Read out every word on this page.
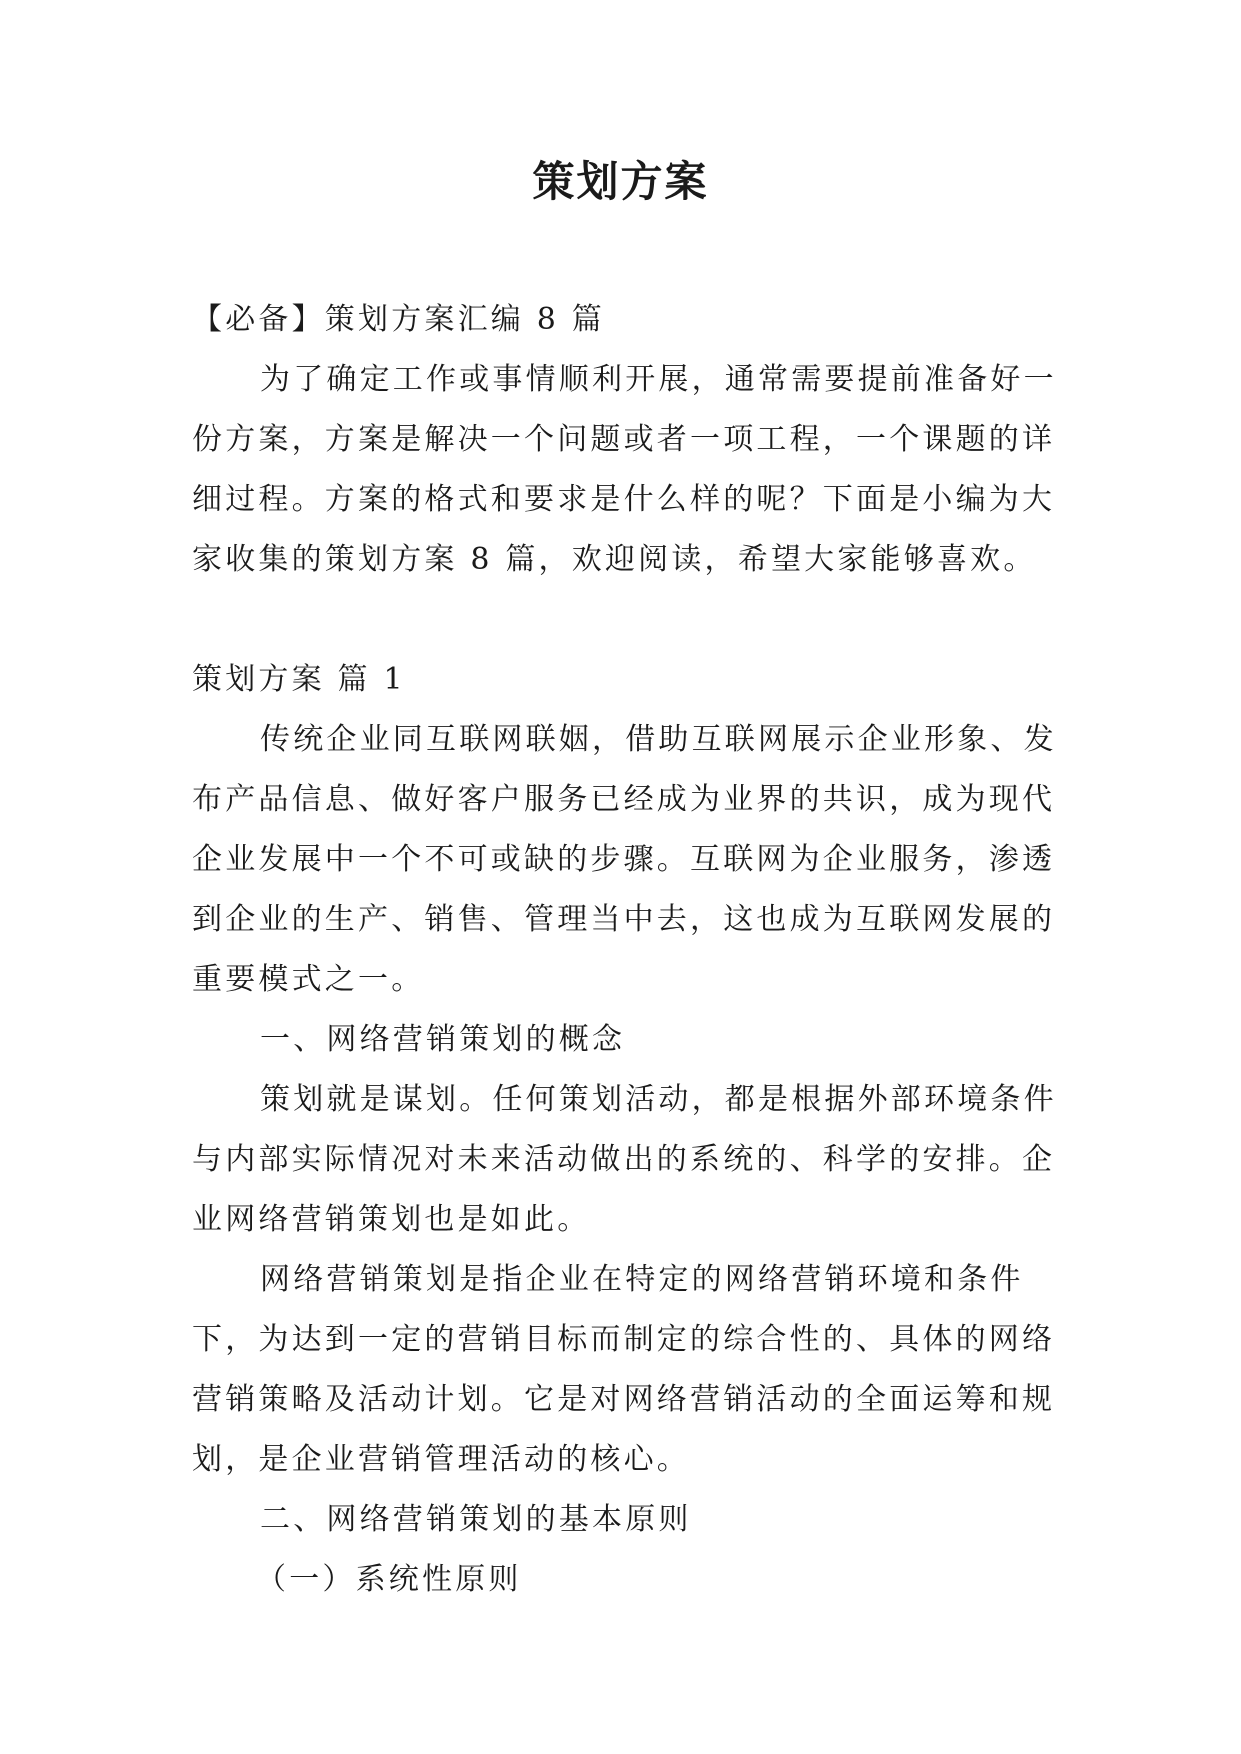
策划方案

【必备】策划方案汇编 8 篇

为了确定工作或事情顺利开展，通常需要提前准备好一

份方案，方案是解决一个问题或者一项工程，一个课题的详

细过程。方案的格式和要求是什么样的呢？下面是小编为大

家收集的策划方案 8 篇，欢迎阅读，希望大家能够喜欢。

策划方案 篇 1

传统企业同互联网联姻，借助互联网展示企业形象、发

布产品信息、做好客户服务已经成为业界的共识，成为现代

企业发展中一个不可或缺的步骤。互联网为企业服务，渗透

到企业的生产、销售、管理当中去，这也成为互联网发展的

重要模式之一。

一、网络营销策划的概念

策划就是谋划。任何策划活动，都是根据外部环境条件

与内部实际情况对未来活动做出的系统的、科学的安排。企

业网络营销策划也是如此。

网络营销策划是指企业在特定的网络营销环境和条件

下，为达到一定的营销目标而制定的综合性的、具体的网络

营销策略及活动计划。它是对网络营销活动的全面运筹和规

划，是企业营销管理活动的核心。

二、网络营销策划的基本原则

（一）系统性原则
